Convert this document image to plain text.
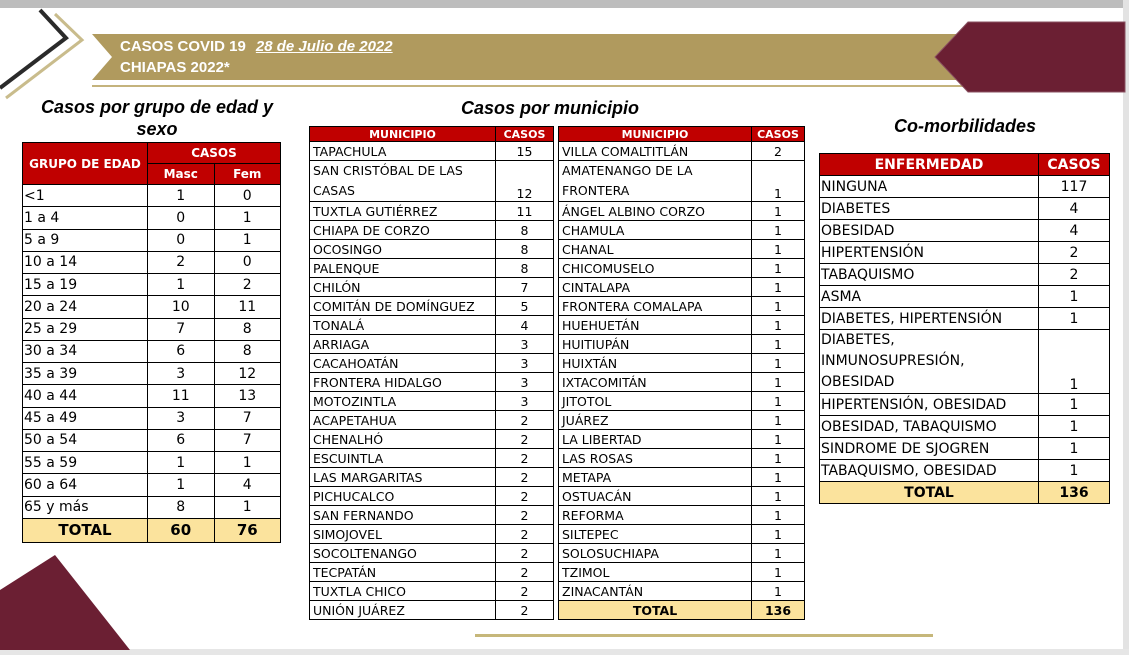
CASOS COVID 19 28 de Julio de 2022
CHIAPAS 2022*
Casos por grupo de edad y sexo
Casos por municipio
Co-morbilidades
GRUPO DE EDAD	CASOS	
	Masc	Fem
<1	1	0
1 a 4	0	1
5 a 9	0	1
10 a 14	2	0
15 a 19	1	2
20 a 24	10	11
25 a 29	7	8
30 a 34	6	8
35 a 39	3	12
40 a 44	11	13
45 a 49	3	7
50 a 54	6	7
55 a 59	1	1
60 a 64	1	4
65 y más	8	1
TOTAL	60	76
MUNICIPIO	CASOS
TAPACHULA	15
SAN CRISTÓBAL DE LAS CASAS	12
TUXTLA GUTIÉRREZ	11
CHIAPA DE CORZO	8
OCOSINGO	8
PALENQUE	8
CHILÓN	7
COMITÁN DE DOMÍNGUEZ	5
TONALÁ	4
ARRIAGA	3
CACAHOATÁN	3
FRONTERA HIDALGO	3
MOTOZINTLA	3
ACAPETAHUA	2
CHENALHÓ	2
ESCUINTLA	2
LAS MARGARITAS	2
PICHUCALCO	2
SAN FERNANDO	2
SIMOJOVEL	2
SOCOLTENANGO	2
TECPATÁN	2
TUXTLA CHICO	2
UNIÓN JUÁREZ	2
MUNICIPIO	CASOS
VILLA COMALTITLÁN	2
AMATENANGO DE LA FRONTERA	1
ÁNGEL ALBINO CORZO	1
CHAMULA	1
CHANAL	1
CHICOMUSELO	1
CINTALAPA	1
FRONTERA COMALAPA	1
HUEHUETÁN	1
HUITIUPÁN	1
HUIXTÁN	1
IXTACOMITÁN	1
JITOTOL	1
JUÁREZ	1
LA LIBERTAD	1
LAS ROSAS	1
METAPA	1
OSTUACÁN	1
REFORMA	1
SILTEPEC	1
SOLOSUCHIAPA	1
TZIMOL	1
ZINACANTÁN	1
TOTAL	136
ENFERMEDAD	CASOS
NINGUNA	117
DIABETES	4
OBESIDAD	4
HIPERTENSIÓN	2
TABAQUISMO	2
ASMA	1
DIABETES, HIPERTENSIÓN	1
DIABETES, INMUNOSUPRESIÓN, OBESIDAD	1
HIPERTENSIÓN, OBESIDAD	1
OBESIDAD, TABAQUISMO	1
SINDROME DE SJOGREN	1
TABAQUISMO, OBESIDAD	1
TOTAL	136
